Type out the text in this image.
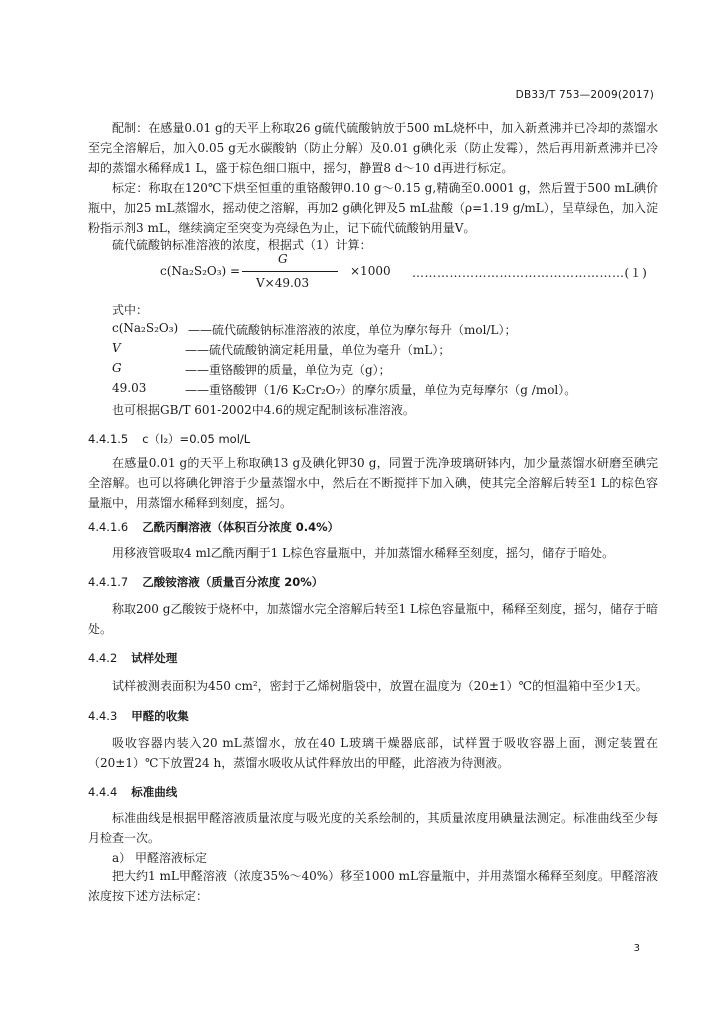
DB33/T 753—2009(2017)

配制：在感量0.01 g的天平上称取26 g硫代硫酸钠放于500 mL烧杯中，加入新煮沸并已冷却的蒸馏水至完全溶解后，加入0.05 g无水碳酸钠（防止分解）及0.01 g碘化汞（防止发霉），然后再用新煮沸并已冷却的蒸馏水稀释成1 L，盛于棕色细口瓶中，摇匀，静置8 d～10 d再进行标定。

标定：称取在120℃下烘至恒重的重铬酸钾0.10 g～0.15 g,精确至0.0001 g，然后置于500 mL碘价瓶中，加25 mL蒸馏水，摇动使之溶解，再加2 g碘化钾及5 mL盐酸（ρ=1.19 g/mL），呈草绿色，加入淀粉指示剂3 mL，继续滴定至突变为亮绿色为止，记下硫代硫酸钠用量V。

硫代硫酸钠标准溶液的浓度，根据式（1）计算：
c(Na₂S₂O₃) =
G
V×49.03
×1000 ……………………………………………(１)
式中：
c(Na₂S₂O₃) ——硫代硫酸钠标准溶液的浓度，单位为摩尔每升（mol/L）；
V	——硫代硫酸钠滴定耗用量，单位为毫升（mL）；
G	——重铬酸钾的质量，单位为克（g）；
49.03	——重铬酸钾（1/6 K₂Cr₂O₇）的摩尔质量，单位为克每摩尔（g /mol）。
也可根据GB/T 601-2002中4.6的规定配制该标准溶液。
4.4.1.5 c（I₂）=0.05 mol/L

在感量0.01 g的天平上称取碘13 g及碘化钾30 g，同置于洗净玻璃研钵内，加少量蒸馏水研磨至碘完全溶解。也可以将碘化钾溶于少量蒸馏水中，然后在不断搅拌下加入碘，使其完全溶解后转至1 L的棕色容量瓶中，用蒸馏水稀释到刻度，摇匀。

4.4.1.6 乙酰丙酮溶液（体积百分浓度 0.4%）

用移液管吸取4 ml乙酰丙酮于1 L棕色容量瓶中，并加蒸馏水稀释至刻度，摇匀，储存于暗处。

4.4.1.7 乙酸铵溶液（质量百分浓度 20%）

称取200 g乙酸铵于烧杯中，加蒸馏水完全溶解后转至1 L棕色容量瓶中，稀释至刻度，摇匀，储存于暗处。

4.4.2 试样处理

试样被测表面积为450 cm²，密封于乙烯树脂袋中，放置在温度为（20±1）℃的恒温箱中至少1天。

4.4.3 甲醛的收集

吸收容器内装入20 mL蒸馏水，放在40 L玻璃干燥器底部，试样置于吸收容器上面，测定装置在（20±1）℃下放置24 h，蒸馏水吸收从试件释放出的甲醛，此溶液为待测液。

4.4.4 标准曲线

标准曲线是根据甲醛溶液质量浓度与吸光度的关系绘制的，其质量浓度用碘量法测定。标准曲线至少每月检查一次。

a） 甲醛溶液标定

把大约1 mL甲醛溶液（浓度35%～40%）移至1000 mL容量瓶中，并用蒸馏水稀释至刻度。甲醛溶液浓度按下述方法标定：

3
